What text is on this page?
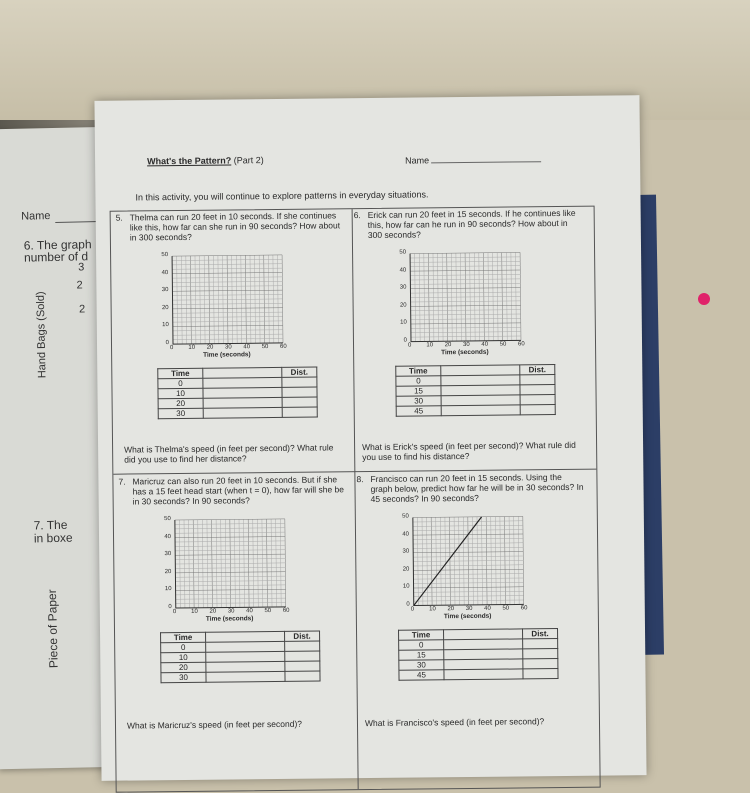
Name
6. The graph
number of d
3
2
2
Hand Bags (Sold)
7. The
in boxe
Piece of Paper
What's the Pattern? (Part 2)	Name
In this activity, you will continue to explore patterns in everyday situations.
5. Thelma can run 20 feet in 10 seconds. If she continues like this, how far can she run in 90 seconds? How about in 300 seconds?
0
10
20
30
40
50
0 10 20 30 40 50 60
Time (seconds)
Time		Dist.
0		
10		
20		
30		
What is Thelma's speed (in feet per second)? What rule did you use to find her distance?
6. Erick can run 20 feet in 15 seconds. If he continues like this, how far can he run in 90 seconds? How about in 300 seconds?
0
10
20
30
40
50
0 10 20 30 40 50 60
Time (seconds)
Time		Dist.
0		
15		
30		
45		
What is Erick's speed (in feet per second)? What rule did you use to find his distance?
7. Maricruz can also run 20 feet in 10 seconds. But if she has a 15 feet head start (when t = 0), how far will she be in 30 seconds? In 90 seconds?
0
10
20
30
40
50
0 10 20 30 40 50 60
Time (seconds)
Time		Dist.
0		
10		
20		
30		
What is Maricruz's speed (in feet per second)?
8. Francisco can run 20 feet in 15 seconds. Using the graph below, predict how far he will be in 30 seconds? In 45 seconds? In 90 seconds?
0
10
20
30
40
50
0 10 20 30 40 50 60
Time (seconds)
Time		Dist.
0		
15		
30		
45		
What is Francisco's speed (in feet per second)?
